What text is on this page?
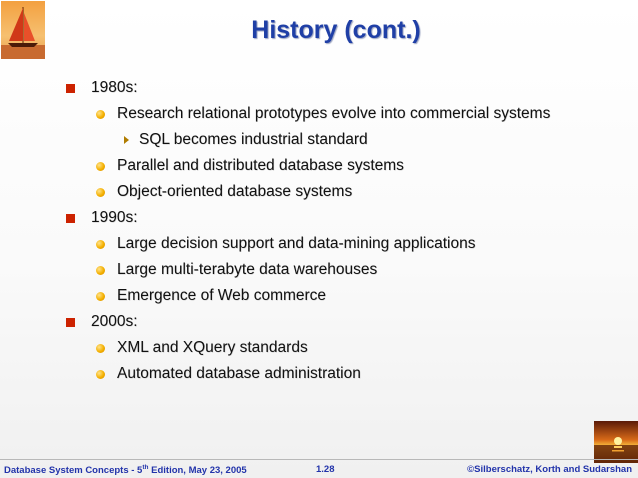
History (cont.)
1980s:
Research relational prototypes evolve into commercial systems
SQL becomes industrial standard
Parallel and distributed database systems
Object-oriented database systems
1990s:
Large decision support and data-mining applications
Large multi-terabyte data warehouses
Emergence of Web commerce
2000s:
XML and XQuery standards
Automated database administration
Database System Concepts - 5th Edition, May 23, 2005	1.28	©Silberschatz, Korth and Sudarshan
